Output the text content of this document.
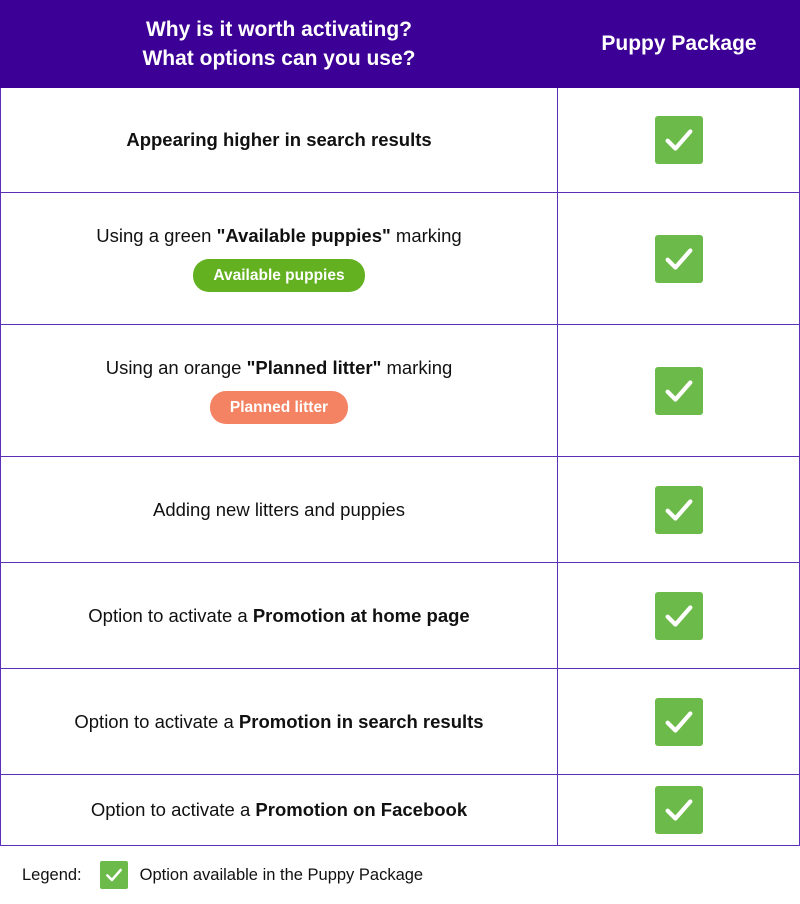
Why is it worth activating?
What options can you use?
Puppy Package
Appearing higher in search results
Using a green "Available puppies" marking
Available puppies
Using an orange "Planned litter" marking
Planned litter
Adding new litters and puppies
Option to activate a Promotion at home page
Option to activate a Promotion in search results
Option to activate a Promotion on Facebook
Legend:	Option available in the Puppy Package
